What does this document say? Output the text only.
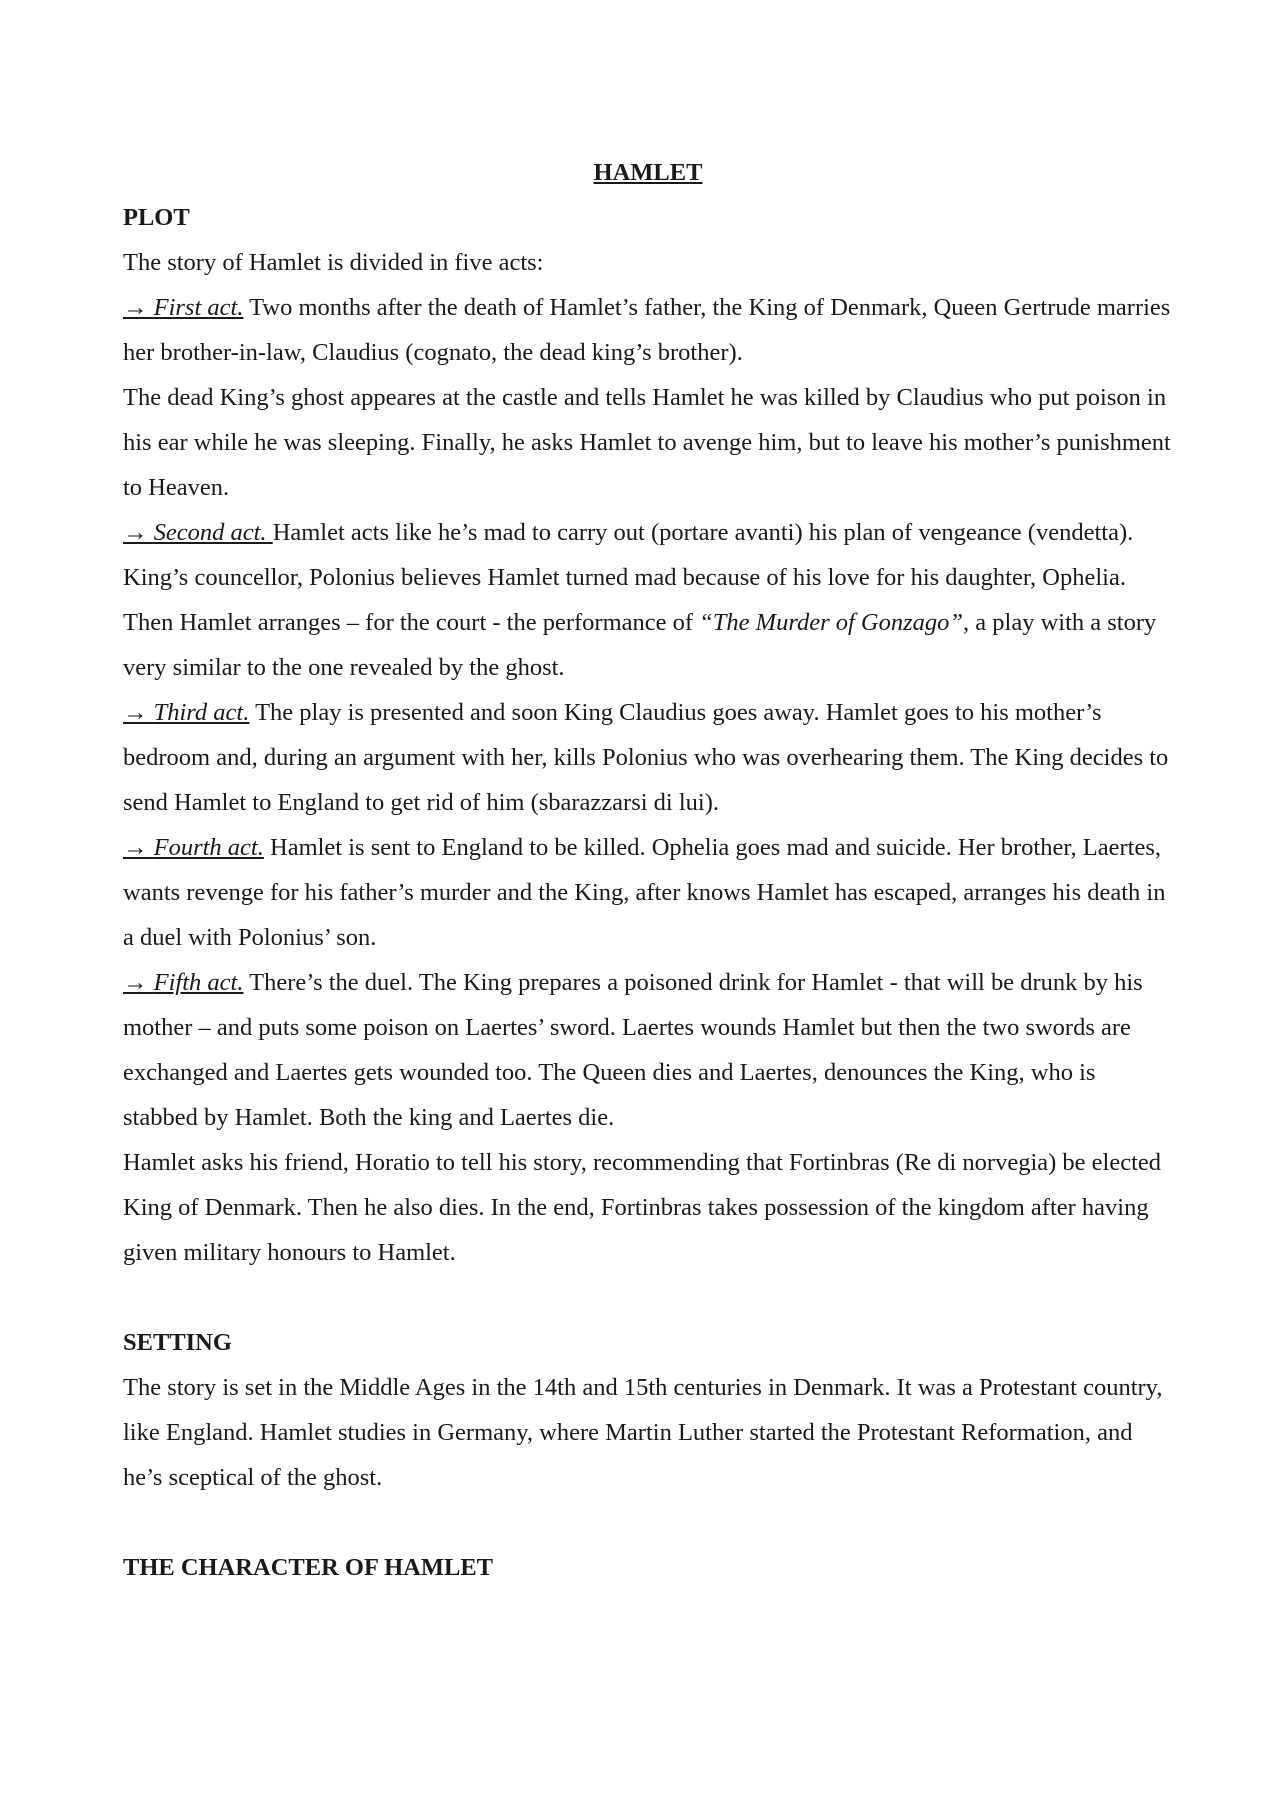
HAMLET

PLOT

The story of Hamlet is divided in five acts:

→ First act. Two months after the death of Hamlet’s father, the King of Denmark, Queen Gertrude marries her brother-in-law, Claudius (cognato, the dead king’s brother).

The dead King’s ghost appeares at the castle and tells Hamlet he was killed by Claudius who put poison in his ear while he was sleeping. Finally, he asks Hamlet to avenge him, but to leave his mother’s punishment to Heaven.

→ Second act. Hamlet acts like he’s mad to carry out (portare avanti) his plan of vengeance (vendetta).

King’s councellor, Polonius believes Hamlet turned mad because of his love for his daughter, Ophelia.

Then Hamlet arranges – for the court - the performance of “The Murder of Gonzago”, a play with a story very similar to the one revealed by the ghost.

→ Third act. The play is presented and soon King Claudius goes away. Hamlet goes to his mother’s bedroom and, during an argument with her, kills Polonius who was overhearing them. The King decides to send Hamlet to England to get rid of him (sbarazzarsi di lui).

→ Fourth act. Hamlet is sent to England to be killed. Ophelia goes mad and suicide. Her brother, Laertes, wants revenge for his father’s murder and the King, after knows Hamlet has escaped, arranges his death in a duel with Polonius’ son.

→ Fifth act. There’s the duel. The King prepares a poisoned drink for Hamlet - that will be drunk by his mother – and puts some poison on Laertes’ sword. Laertes wounds Hamlet but then the two swords are exchanged and Laertes gets wounded too. The Queen dies and Laertes, denounces the King, who is stabbed by Hamlet. Both the king and Laertes die.

Hamlet asks his friend, Horatio to tell his story, recommending that Fortinbras (Re di norvegia) be elected King of Denmark. Then he also dies. In the end, Fortinbras takes possession of the kingdom after having given military honours to Hamlet.

SETTING

The story is set in the Middle Ages in the 14th and 15th centuries in Denmark. It was a Protestant country, like England. Hamlet studies in Germany, where Martin Luther started the Protestant Reformation, and he’s sceptical of the ghost.

THE CHARACTER OF HAMLET
